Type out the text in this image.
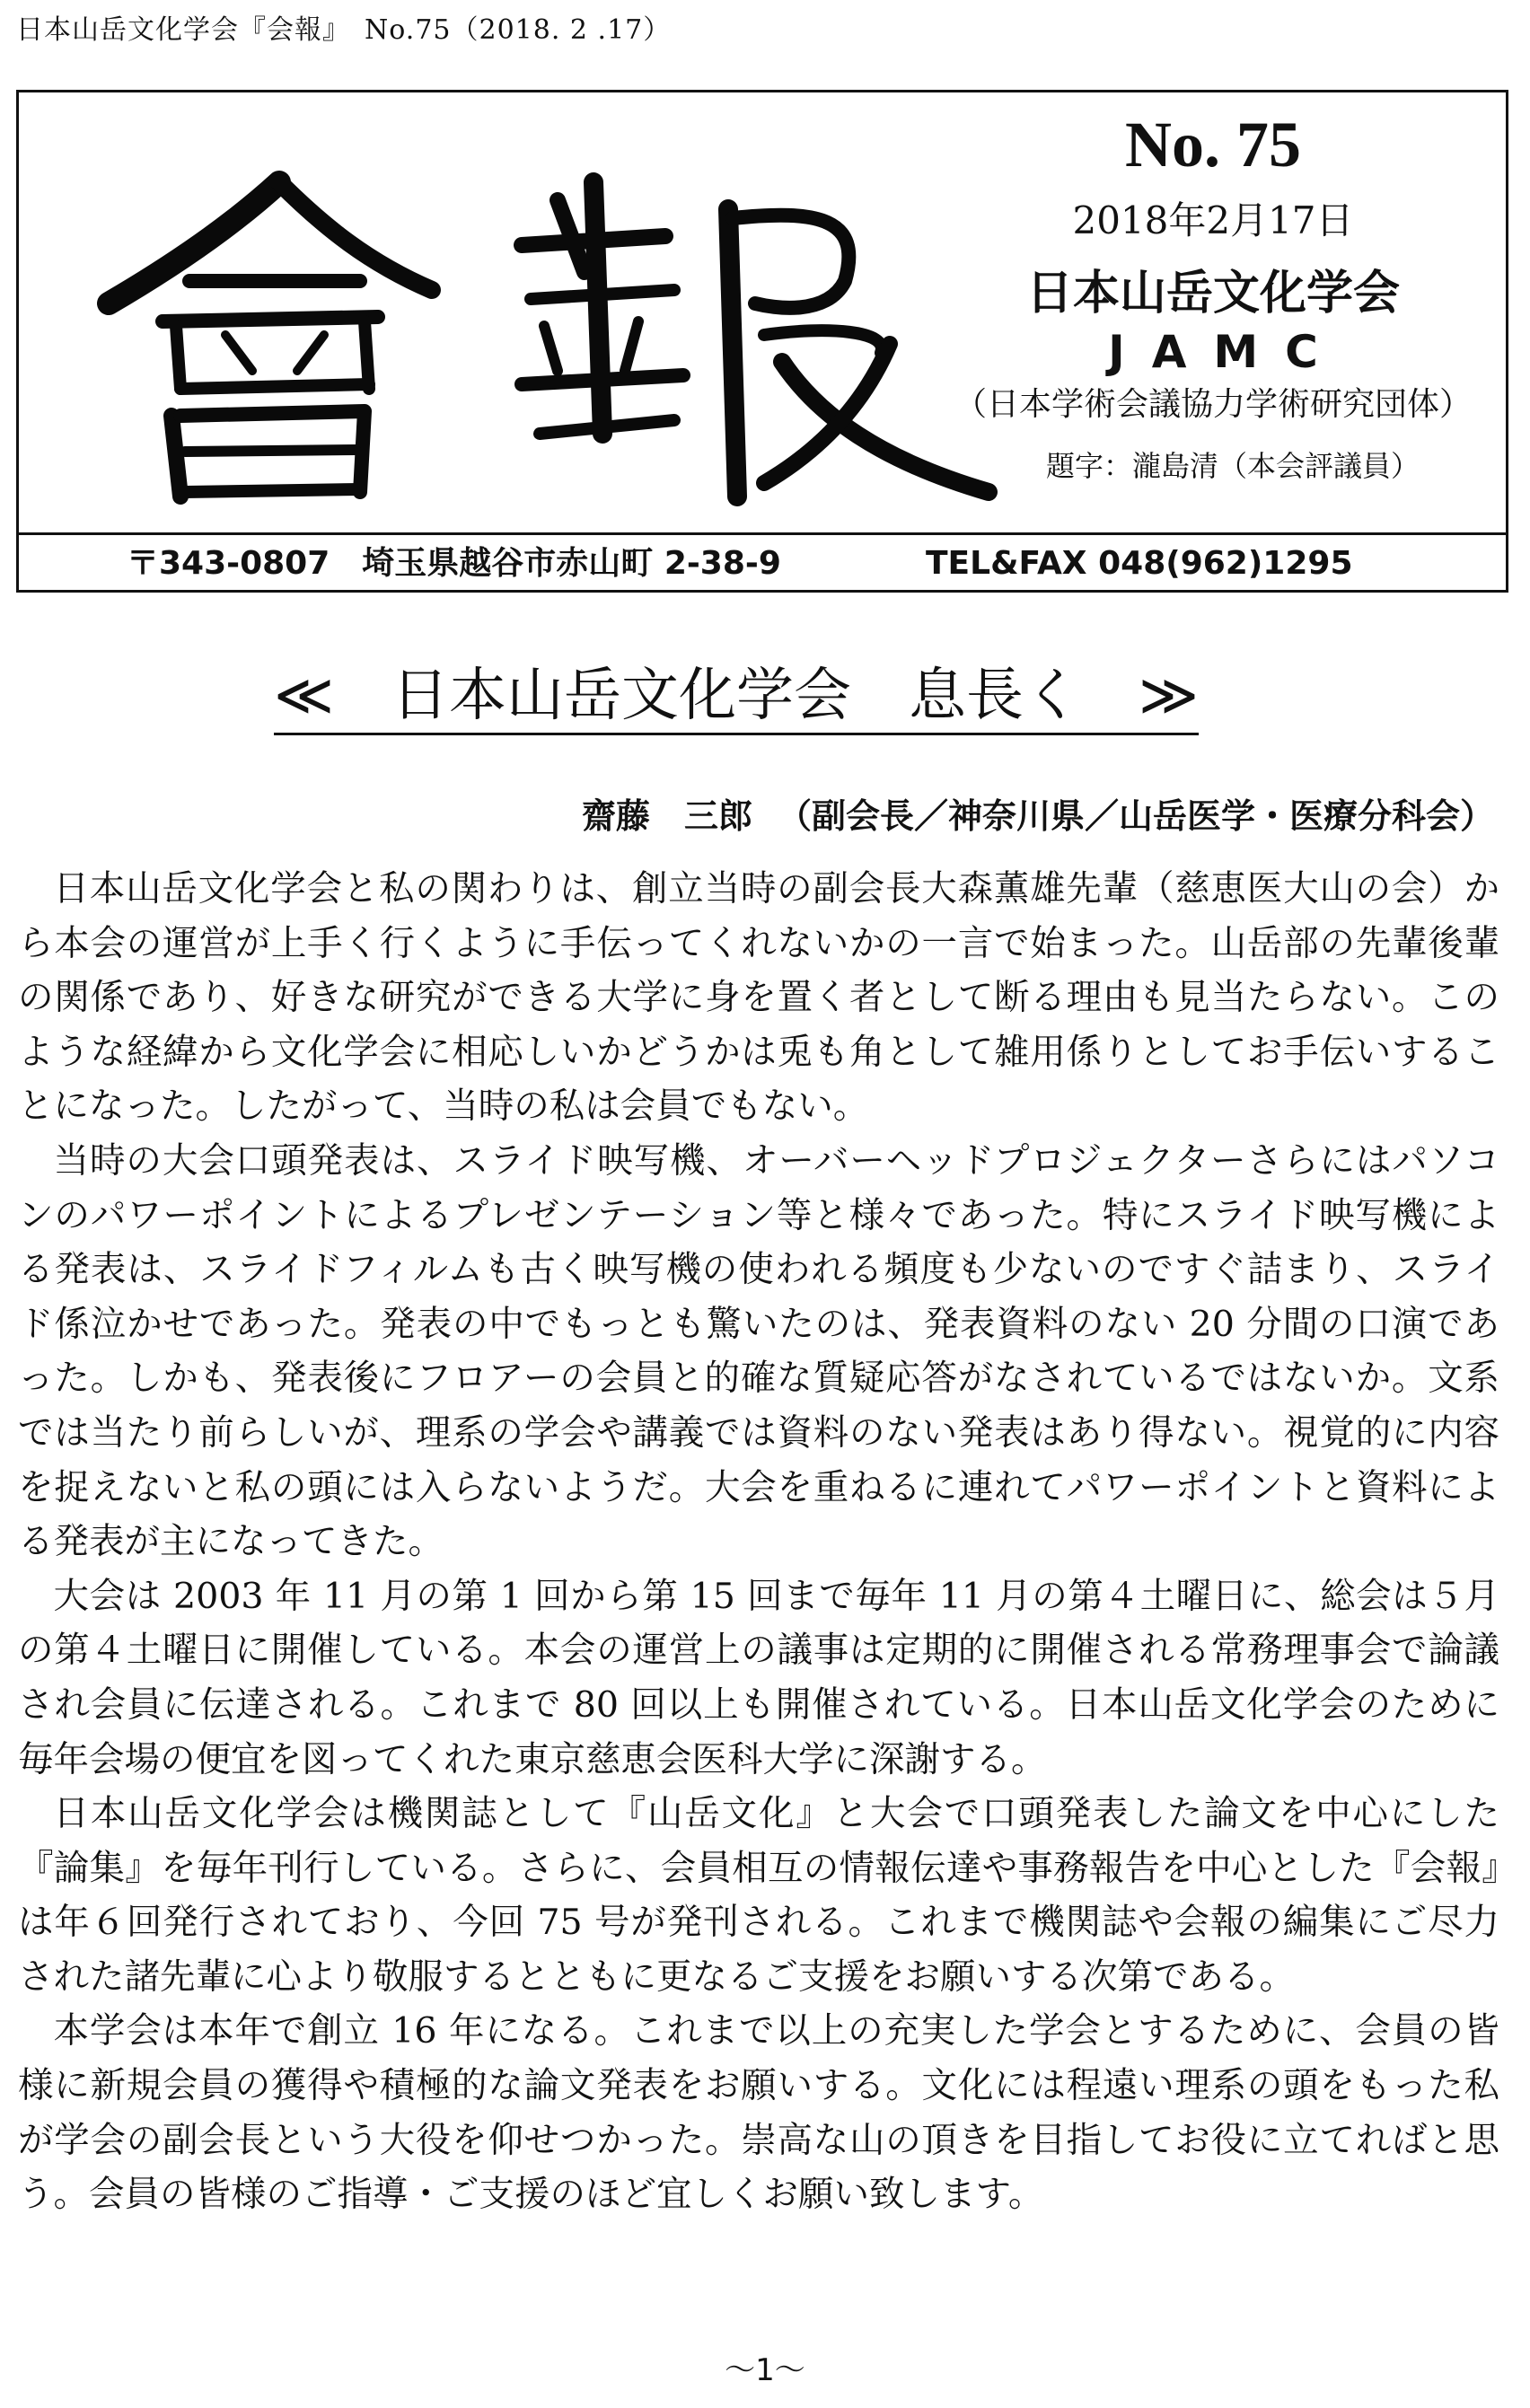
日本山岳文化学会『会報』　No.75（2018. 2 .17）
No. 75
2018年2月17日
日本山岳文化学会
JAMC
（日本学術会議協力学術研究団体）
題字：瀧島清（本会評議員）
〒343-0807　埼玉県越谷市赤山町 2-38-9	TEL&FAX 048(962)1295
≪　日本山岳文化学会　息長く　≫
齋藤　三郎 （副会長／神奈川県／山岳医学・医療分科会）

日本山岳文化学会と私の関わりは、創立当時の副会長大森薫雄先輩（慈恵医大山の会）から本会の運営が上手く行くように手伝ってくれないかの一言で始まった。山岳部の先輩後輩の関係であり、好きな研究ができる大学に身を置く者として断る理由も見当たらない。このような経緯から文化学会に相応しいかどうかは兎も角として雑用係りとしてお手伝いすることになった。したがって、当時の私は会員でもない。

当時の大会口頭発表は、スライド映写機、オーバーヘッドプロジェクターさらにはパソコンのパワーポイントによるプレゼンテーション等と様々であった。特にスライド映写機による発表は、スライドフィルムも古く映写機の使われる頻度も少ないのですぐ詰まり、スライド係泣かせであった。発表の中でもっとも驚いたのは、発表資料のない 20 分間の口演であった。しかも、発表後にフロアーの会員と的確な質疑応答がなされているではないか。文系では当たり前らしいが、理系の学会や講義では資料のない発表はあり得ない。視覚的に内容を捉えないと私の頭には入らないようだ。大会を重ねるに連れてパワーポイントと資料による発表が主になってきた。

大会は 2003 年 11 月の第 1 回から第 15 回まで毎年 11 月の第４土曜日に、総会は５月の第４土曜日に開催している。本会の運営上の議事は定期的に開催される常務理事会で論議され会員に伝達される。これまで 80 回以上も開催されている。日本山岳文化学会のために毎年会場の便宜を図ってくれた東京慈恵会医科大学に深謝する。

日本山岳文化学会は機関誌として『山岳文化』と大会で口頭発表した論文を中心にした『論集』を毎年刊行している。さらに、会員相互の情報伝達や事務報告を中心とした『会報』は年６回発行されており、今回 75 号が発刊される。これまで機関誌や会報の編集にご尽力された諸先輩に心より敬服するとともに更なるご支援をお願いする次第である。

本学会は本年で創立 16 年になる。これまで以上の充実した学会とするために、会員の皆様に新規会員の獲得や積極的な論文発表をお願いする。文化には程遠い理系の頭をもった私が学会の副会長という大役を仰せつかった。崇高な山の頂きを目指してお役に立てればと思う。会員の皆様のご指導・ご支援のほど宜しくお願い致します。

～1～
